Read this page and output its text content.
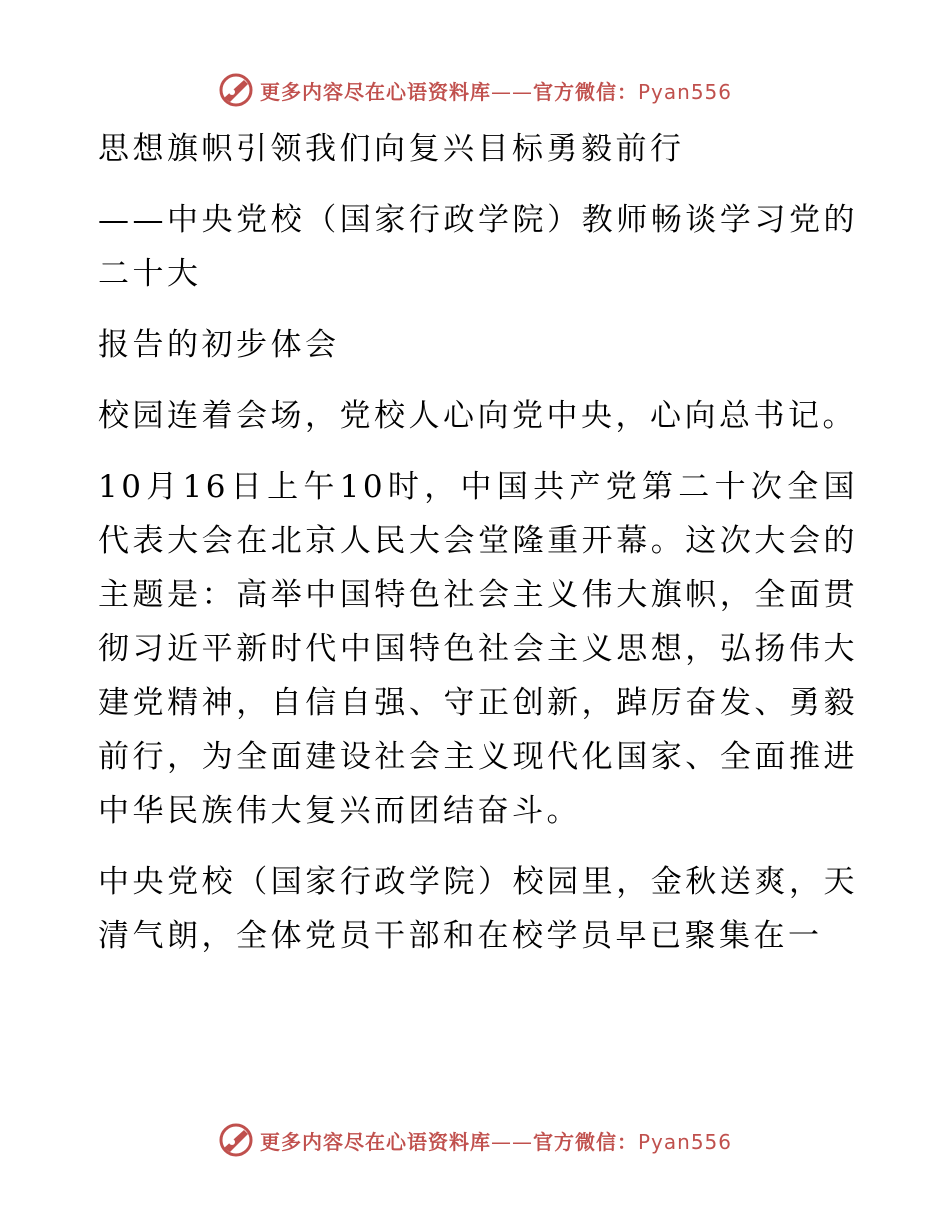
更多内容尽在心语资料库——官方微信：Pyan556

思想旗帜引领我们向复兴目标勇毅前行

——中央党校（国家行政学院）教师畅谈学习党的二十大

报告的初步体会

校园连着会场，党校人心向党中央，心向总书记。

10月16日上午10时，中国共产党第二十次全国代表大会在北京人民大会堂隆重开幕。这次大会的主题是：高举中国特色社会主义伟大旗帜，全面贯彻习近平新时代中国特色社会主义思想，弘扬伟大建党精神，自信自强、守正创新，踔厉奋发、勇毅前行，为全面建设社会主义现代化国家、全面推进中华民族伟大复兴而团结奋斗。

中央党校（国家行政学院）校园里，金秋送爽，天清气朗，全体党员干部和在校学员早已聚集在一

更多内容尽在心语资料库——官方微信：Pyan556
